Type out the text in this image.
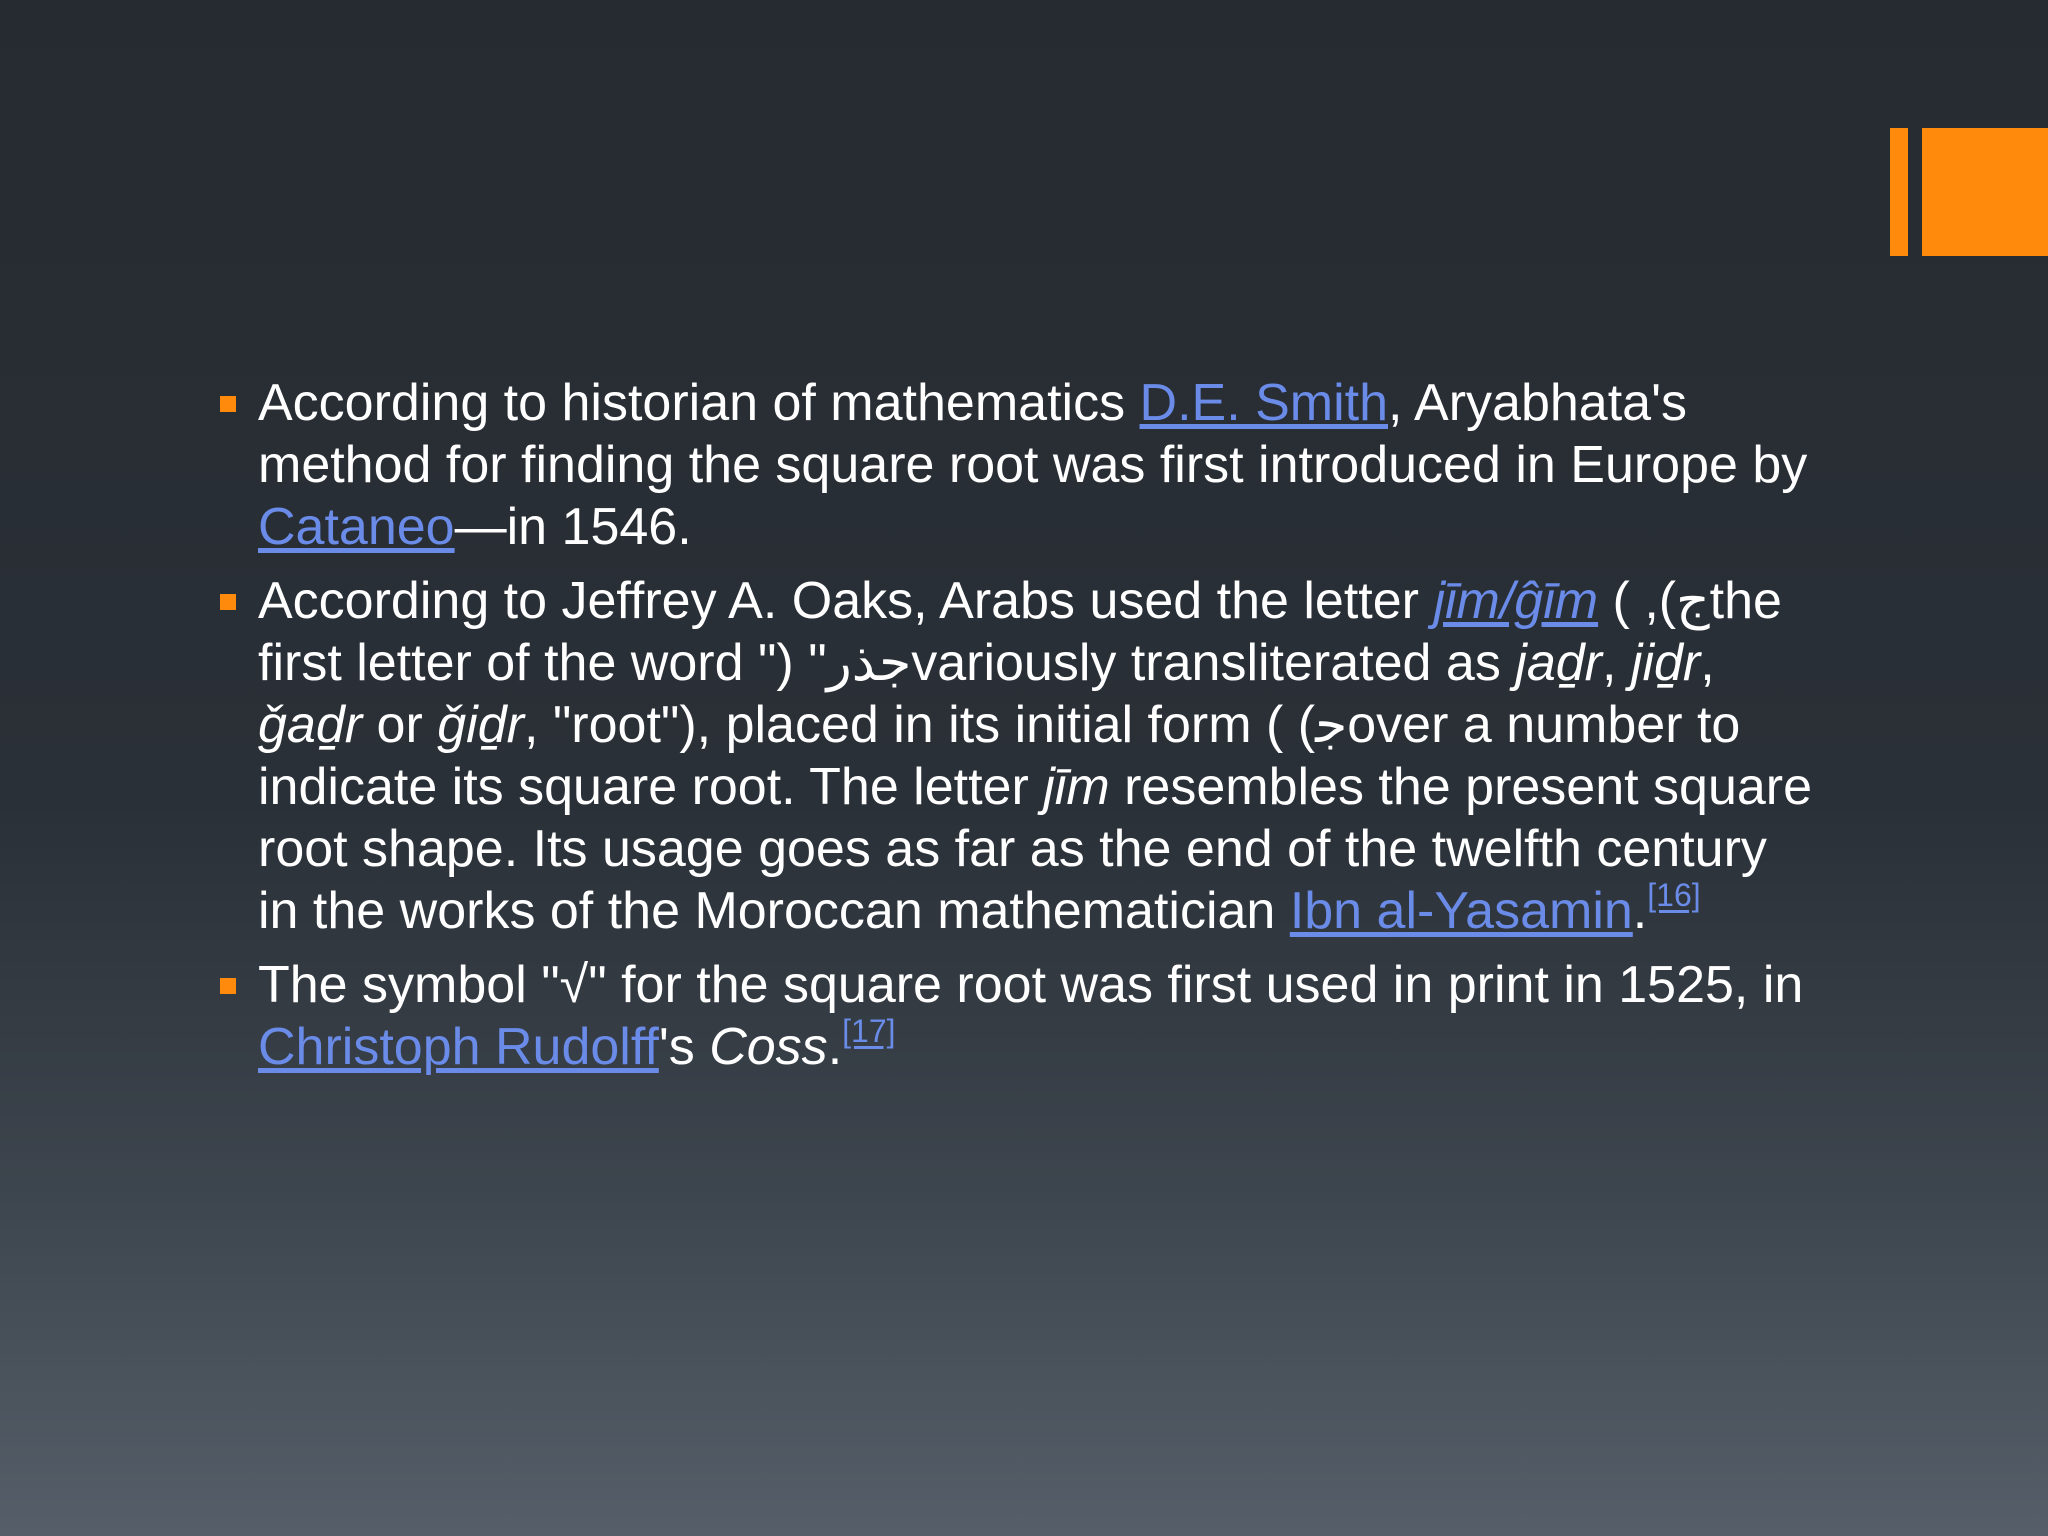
According to historian of mathematics D.E. Smith, Aryabhata's method for finding the square root was first introduced in Europe by Cataneo—in 1546.
According to Jeffrey A. Oaks, Arabs used the letter jīm/ĝīm ( ,(جthe first letter of the word ") "جذرvariously transliterated as jaḏr, jiḏr, ǧaḏr or ǧiḏr, "root"), placed in its initial form ( (ﺟover a number to indicate its square root. The letter jīm resembles the present square root shape. Its usage goes as far as the end of the twelfth century in the works of the Moroccan mathematician Ibn al-Yasamin.[16]
The symbol "√" for the square root was first used in print in 1525, in Christoph Rudolff's Coss.[17]
